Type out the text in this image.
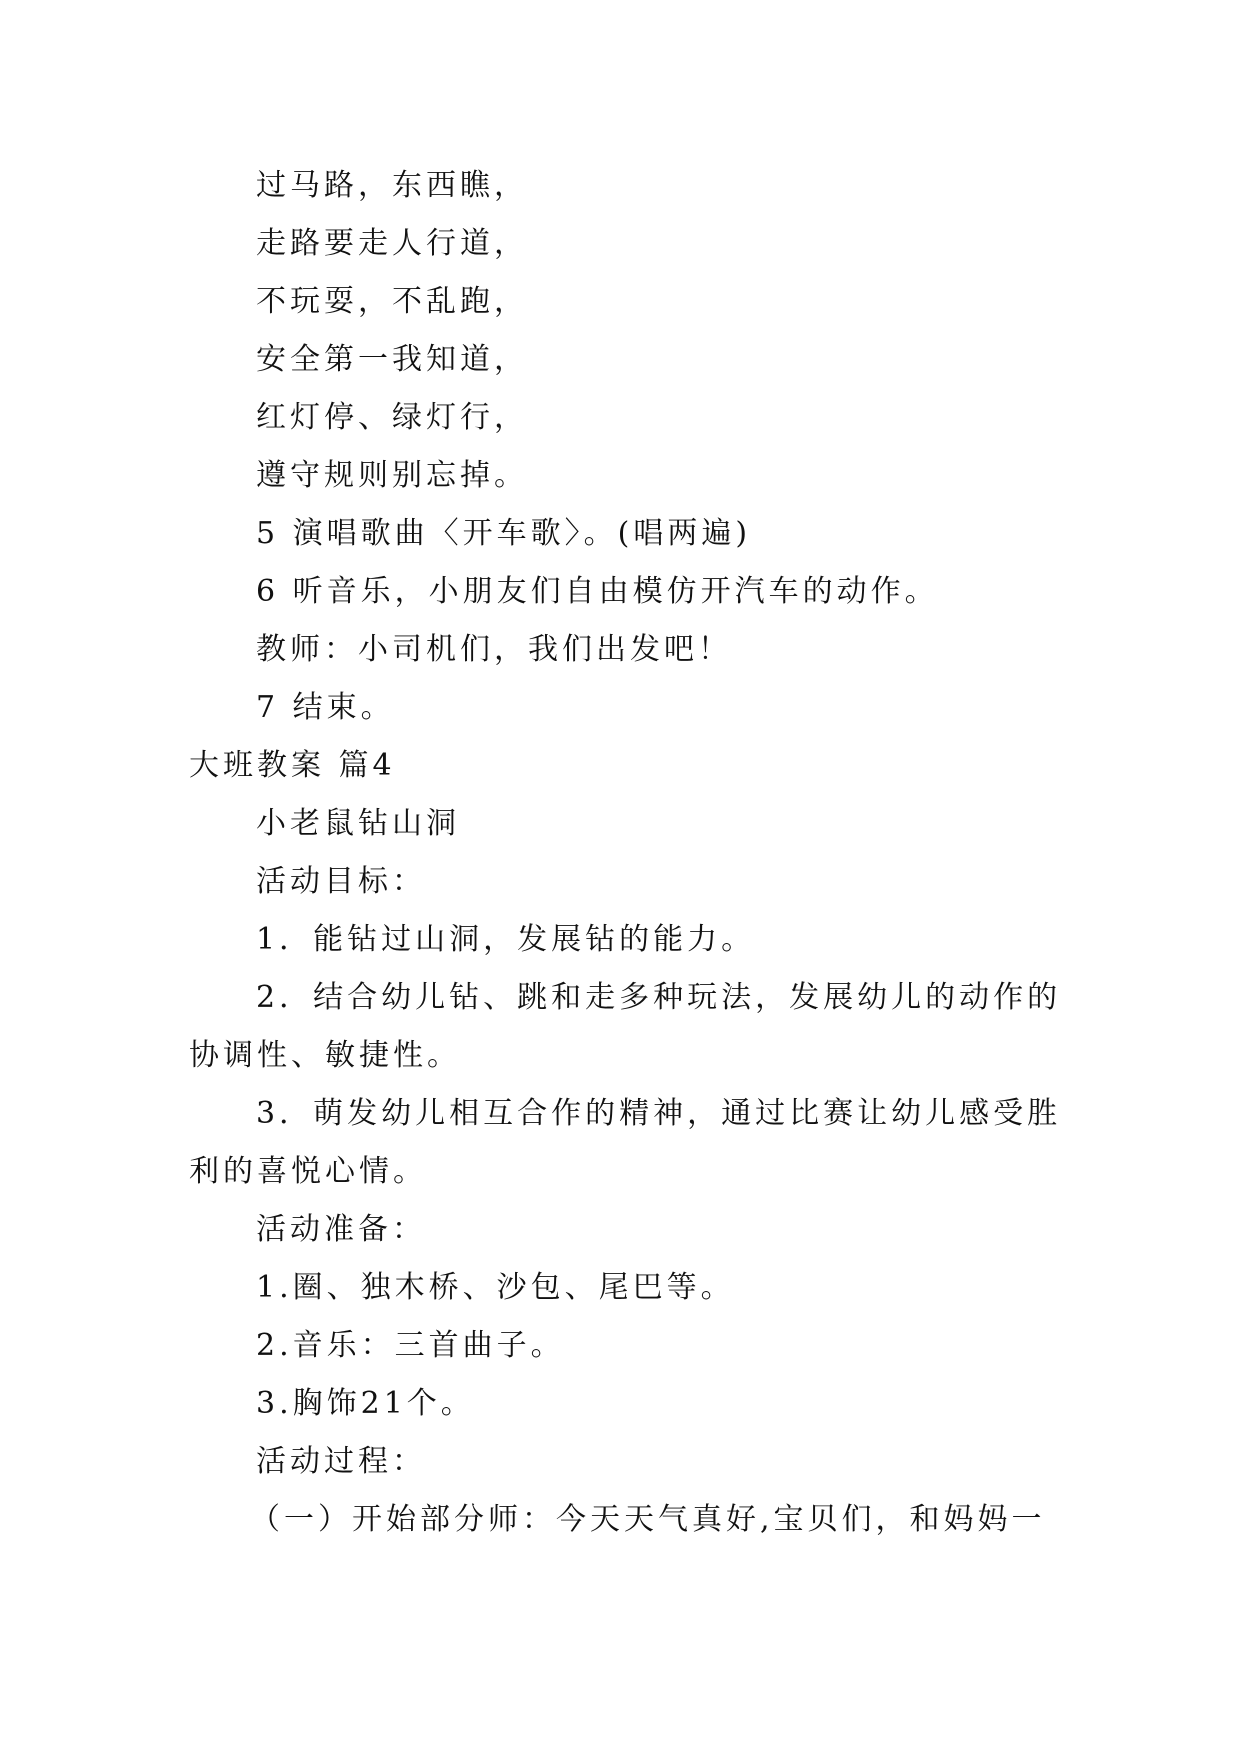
过马路，东西瞧，
走路要走人行道，
不玩耍，不乱跑，
安全第一我知道，
红灯停、绿灯行，
遵守规则别忘掉。
5 演唱歌曲〈开车歌〉。(唱两遍)
6 听音乐，小朋友们自由模仿开汽车的动作。
教师：小司机们，我们出发吧！
7 结束。
大班教案 篇4
小老鼠钻山洞
活动目标：
1．能钻过山洞，发展钻的能力。
2．结合幼儿钻、跳和走多种玩法，发展幼儿的动作的
协调性、敏捷性。
3．萌发幼儿相互合作的精神，通过比赛让幼儿感受胜
利的喜悦心情。
活动准备：
1.圈、独木桥、沙包、尾巴等。
2.音乐：三首曲子。
3.胸饰21个。
活动过程：
（一）开始部分师：今天天气真好,宝贝们，和妈妈一
